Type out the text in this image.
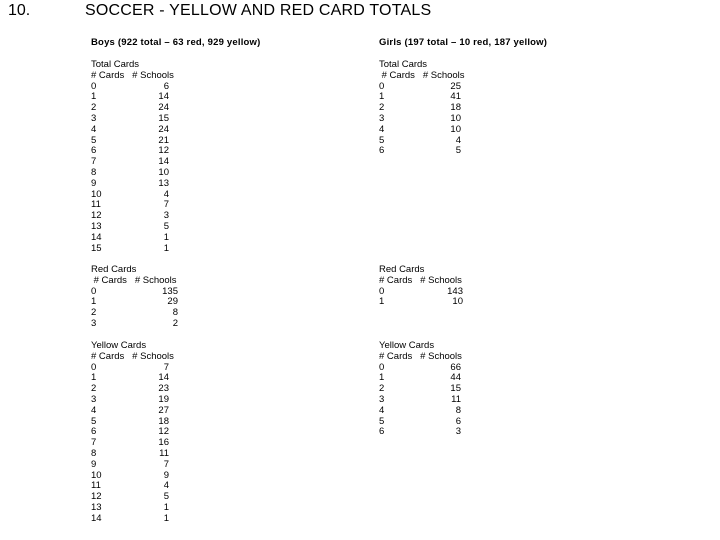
10.	SOCCER - YELLOW AND RED CARD TOTALS
Boys (922 total – 63 red, 929 yellow)	Girls (197 total – 10 red, 187 yellow)
Total Cards
# Cards   # Schools
0	6
1	14
2	24
3	15
4	24
5	21
6	12
7	14
8	10
9	13
10	4
11	7
12	3
13	5
14	1
15	1
Red Cards
# Cards   # Schools
0	135
1	29
2	8
3	2
Yellow Cards
# Cards   # Schools
0	7
1	14
2	23
3	19
4	27
5	18
6	12
7	16
8	11
9	7
10	9
11	4
12	5
13	1
14	1
Total Cards
# Cards   # Schools
0	25
1	41
2	18
3	10
4	10
5	4
6	5
Red Cards
# Cards   # Schools
0	143
1	10
Yellow Cards
# Cards   # Schools
0	66
1	44
2	15
3	11
4	8
5	6
6	3
